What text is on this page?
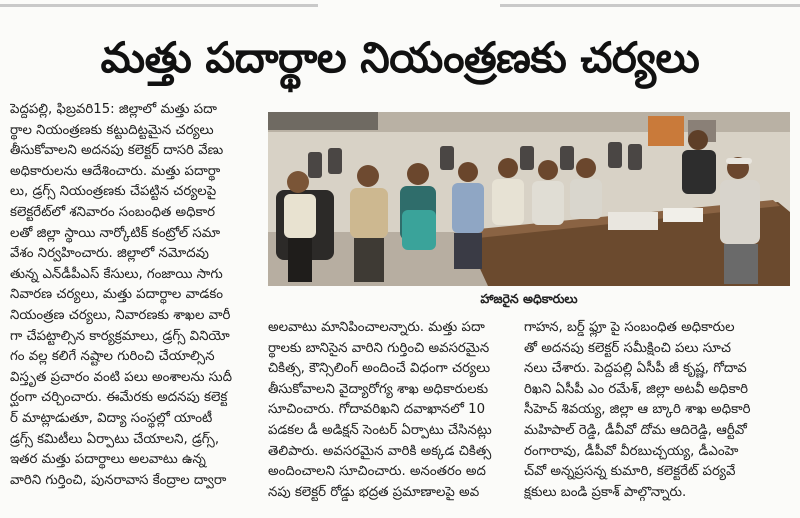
మత్తు పదార్థాల నియంత్రణకు చర్యలు
పెద్దపల్లి, ఫిబ్రవరి15: జిల్లాలో మత్తు పదా
ర్థాల నియంత్రణకు కట్టుదిట్టమైన చర్యలు
తీసుకోవాలని అదనపు కలెక్టర్ దాసరి వేణు
అధికారులను ఆదేశించారు. మత్తు పదార్థా
లు, డ్రగ్స్ నియంత్రణకు చేపట్టిన చర్యలపై
కలెక్టరేట్‌లో శనివారం సంబంధిత అధికార
లతో జిల్లా స్థాయి నార్కోటిక్ కంట్రోల్ సమా
వేశం నిర్వహించారు. జిల్లాలో నమోదవు
తున్న ఎన్‌డీపీఎస్ కేసులు, గంజాయి సాగు
నివారణ చర్యలు, మత్తు పదార్థాల వాడకం
నియంత్రణ చర్యలు, నివారణకు శాఖల వారీ
గా చేపట్టాల్సిన కార్యక్రమాలు, డ్రగ్స్ వినియో
గం వల్ల కలిగే నష్టాల గురించి చేయాల్సిన
విస్తృత ప్రచారం వంటి పలు అంశాలను సుదీ
ర్ఘంగా చర్చించారు. ఈమేరకు అదనపు కలెక్ట
ర్ మాట్లాడుతూ, విద్యా సంస్థల్లో యాంటీ
డ్రగ్స్ కమిటీలు ఏర్పాటు చేయాలని, డ్రగ్స్,
ఇతర మత్తు పదార్థాలు అలవాటు ఉన్న
వారిని గుర్తించి, పునరావాస కేంద్రాల ద్వారా
హాజరైన అధికారులు
అలవాటు మానిపించాలన్నారు. మత్తు పదా
ర్థాలకు బానిసైన వారిని గుర్తించి అవసరమైన
చికిత్స, కౌన్సిలింగ్ అందించే విధంగా చర్యలు
తీసుకోవాలని వైద్యారోగ్య శాఖ అధికారులకు
సూచించారు. గోదావరిఖని దవాఖానలో 10
పడకల డీ అడిక్షన్ సెంటర్ ఏర్పాటు చేసినట్లు
తెలిపారు. అవసరమైన వారికి అక్కడ చికిత్స
అందించాలని సూచించారు. అనంతరం అద
నపు కలెక్టర్ రోడ్డు భద్రత ప్రమాణాలపై అవ
గాహన, బర్డ్ ఫ్లూ పై సంబంధిత అధికారుల
తో అదనపు కలెక్టర్ సమీక్షించి పలు సూచ
నలు చేశారు. పెద్దపల్లి ఏసీపీ జీ కృష్ణ, గోదావ
రిఖని ఏసీపీ ఎం రమేశ్, జిల్లా అటవీ అధికారి
సీహెచ్ శివయ్య, జిల్లా ఆ బ్కారి శాఖ అధికారి
మహిపాల్ రెడ్డి, డీవీవో దోమ ఆదిరెడ్డి, ఆర్టీవో
రంగారావు, డీపీవో వీరబుచ్చయ్య, డీఎంహె
చ్‌వో అన్నప్రసన్న కుమారి, కలెక్టరేట్ పర్యవే
క్షకులు బండి ప్రకాశ్ పాల్గొన్నారు.
